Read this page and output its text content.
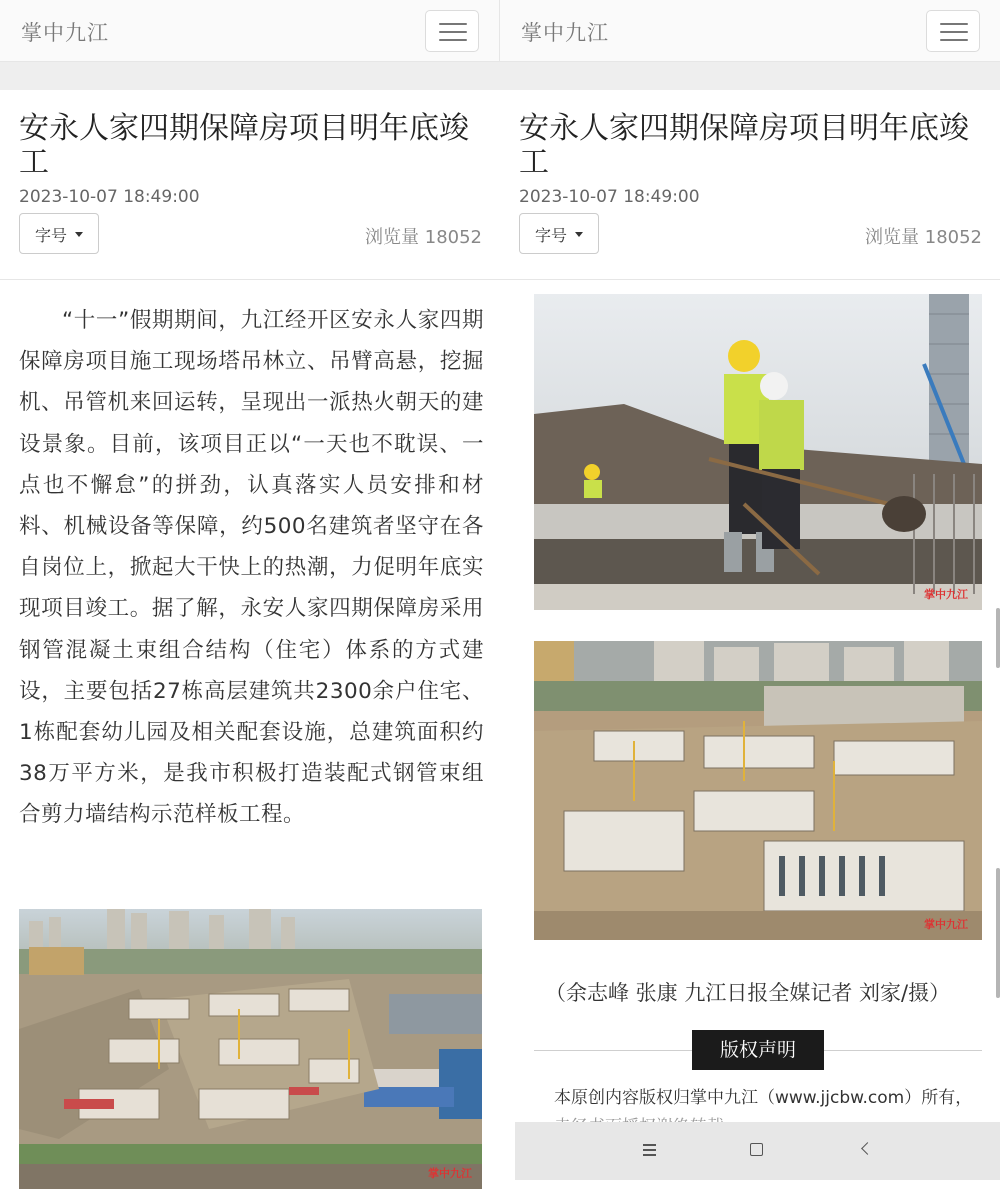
掌中九江
安永人家四期保障房项目明年底竣工
2023-10-07 18:49:00
字号	浏览量 18052

“十一”假期期间，九江经开区安永人家四期保障房项目施工现场塔吊林立、吊臂高悬，挖掘机、吊管机来回运转，呈现出一派热火朝天的建设景象。目前，该项目正以“一天也不耽误、一点也不懈怠”的拼劲，认真落实人员安排和材料、机械设备等保障，约500名建筑者坚守在各自岗位上，掀起大干快上的热潮，力促明年底实现项目竣工。据了解，永安人家四期保障房采用钢管混凝土束组合结构（住宅）体系的方式建设，主要包括27栋高层建筑共2300余户住宅、1栋配套幼儿园及相关配套设施，总建筑面积约38万平方米，是我市积极打造装配式钢管束组合剪力墙结构示范样板工程。

掌中九江
掌中九江
安永人家四期保障房项目明年底竣工
2023-10-07 18:49:00
字号	浏览量 18052
掌中九江
掌中九江
（余志峰 张康 九江日报全媒记者 刘家/摄）
版权声明
本原创内容版权归掌中九江（www.jjcbw.com）所有，
